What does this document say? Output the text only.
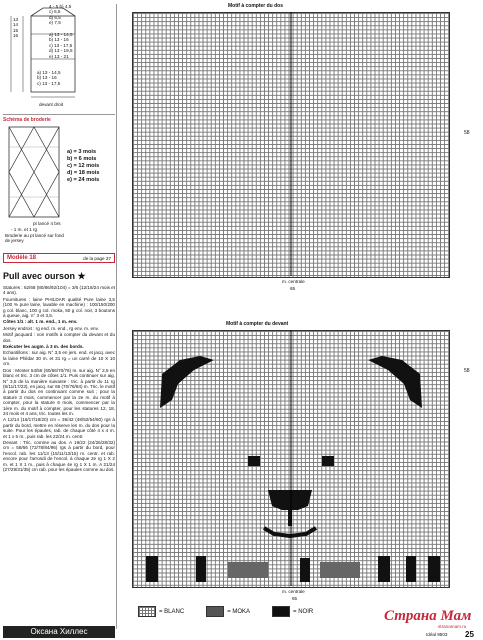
4 - 5 b) 4,5
c) 5,5
d) 6,5
e) 7,5
13
14
15
16	a) 13 - 14,5
b) 13 - 16
c) 13 - 17,5
d) 13 - 19,5
e) 13 - 21
a) 13 - 14,5
b) 13 - 16
c) 13 - 17,5
devant droit
Schéma de broderie
a) = 3 mois
b) = 6 mois
c) = 12 mois
d) = 18 mois
e) = 24 mois
pt lancé 4 brs
- 1 m. et 1 rg
Broderie au pt lancé sur fond de jersey
Modèle 18	de la page 37
Pull avec ourson ★

Statures : 62/68 (80/86/92/104) = 3/6 (12/18/24 mois et 4 ans).

Fournitures : laine PHILDAR qualité Pure laine 3,5 (100 % pure laine, lavable en machine) : 100/150/200 g col. blanc, 100 g col. moka, 50 g col. noir, 3 boutons à queue, aig. n° 3 et 3,5.

Côtes 1/1 : alt. 1 m. end., 1 m. env.

Jersey endroit : rg end. m. end., rg env. m. env.

Motif jacquard : voir motifs à compter du devant et du dos.

Exécuter les augm. à 3 m. des bords.

Echantillons : sur aig. N° 3,5 en jers. end. et jacq. avec la laine Phildar 30 m. et 31 rg = un carré de 10 X 10 cm.

Dos : Monter 54/58 (60/66/70/76) m. sur aig. N° 2,5 en blanc et tric. 3 cm de côtes 1/1. Puis continuer sur aig. N° 3,5 de la manière suivante : tric. à partir du 11 rg (8/11/17/23), en jacq. sur 66 (70/76/84) m. Tric. le motif à partir du dos en continuant comme suit ; pour la stature 3 mois, commencer par la 2e m. du motif à compter, pour la stature 6 mois, commencer par la 1ère m. du motif à compter, pour les statures 12, 18, 24 mois et 4 ans, tric. toutes les m.

A 12/14 (16/17/18/20) cm = 36/42 (48/52/54/60) rgs à partir du bord, mettre en réserve les m. du dos pour la suite. Pour les épaules, rab. de chaque côté 4 x 4 m. et 1 x 5 m., puis rab. les 22/24 m. centr.

Devant : Tric. comme au dos. A 19/22 (24/26/28/32) cm = 58/66 (72/78/84/96) rgs à partir du bord, pour l'encol. rab. les 11/13 (15/11/13/15) m. centr. et rab. encore pour l'arrondi de l'encol. à chaque 2e rg 1 X 2 m. et 1 X 1 m., puis à chaque 4e rg 1 X 1 m. A 21/24 (27/29/31/35) cm rab. pour les épaules comme au dos.

Motif à compter du dos
58
m. centrale
65
Motif à compter du devant
58
m. centrale
65
= BLANC	= MOKA	= NOIR
Оксана Хиллес
Страна Мам
stranamam.ru
Idéal 9503 25
